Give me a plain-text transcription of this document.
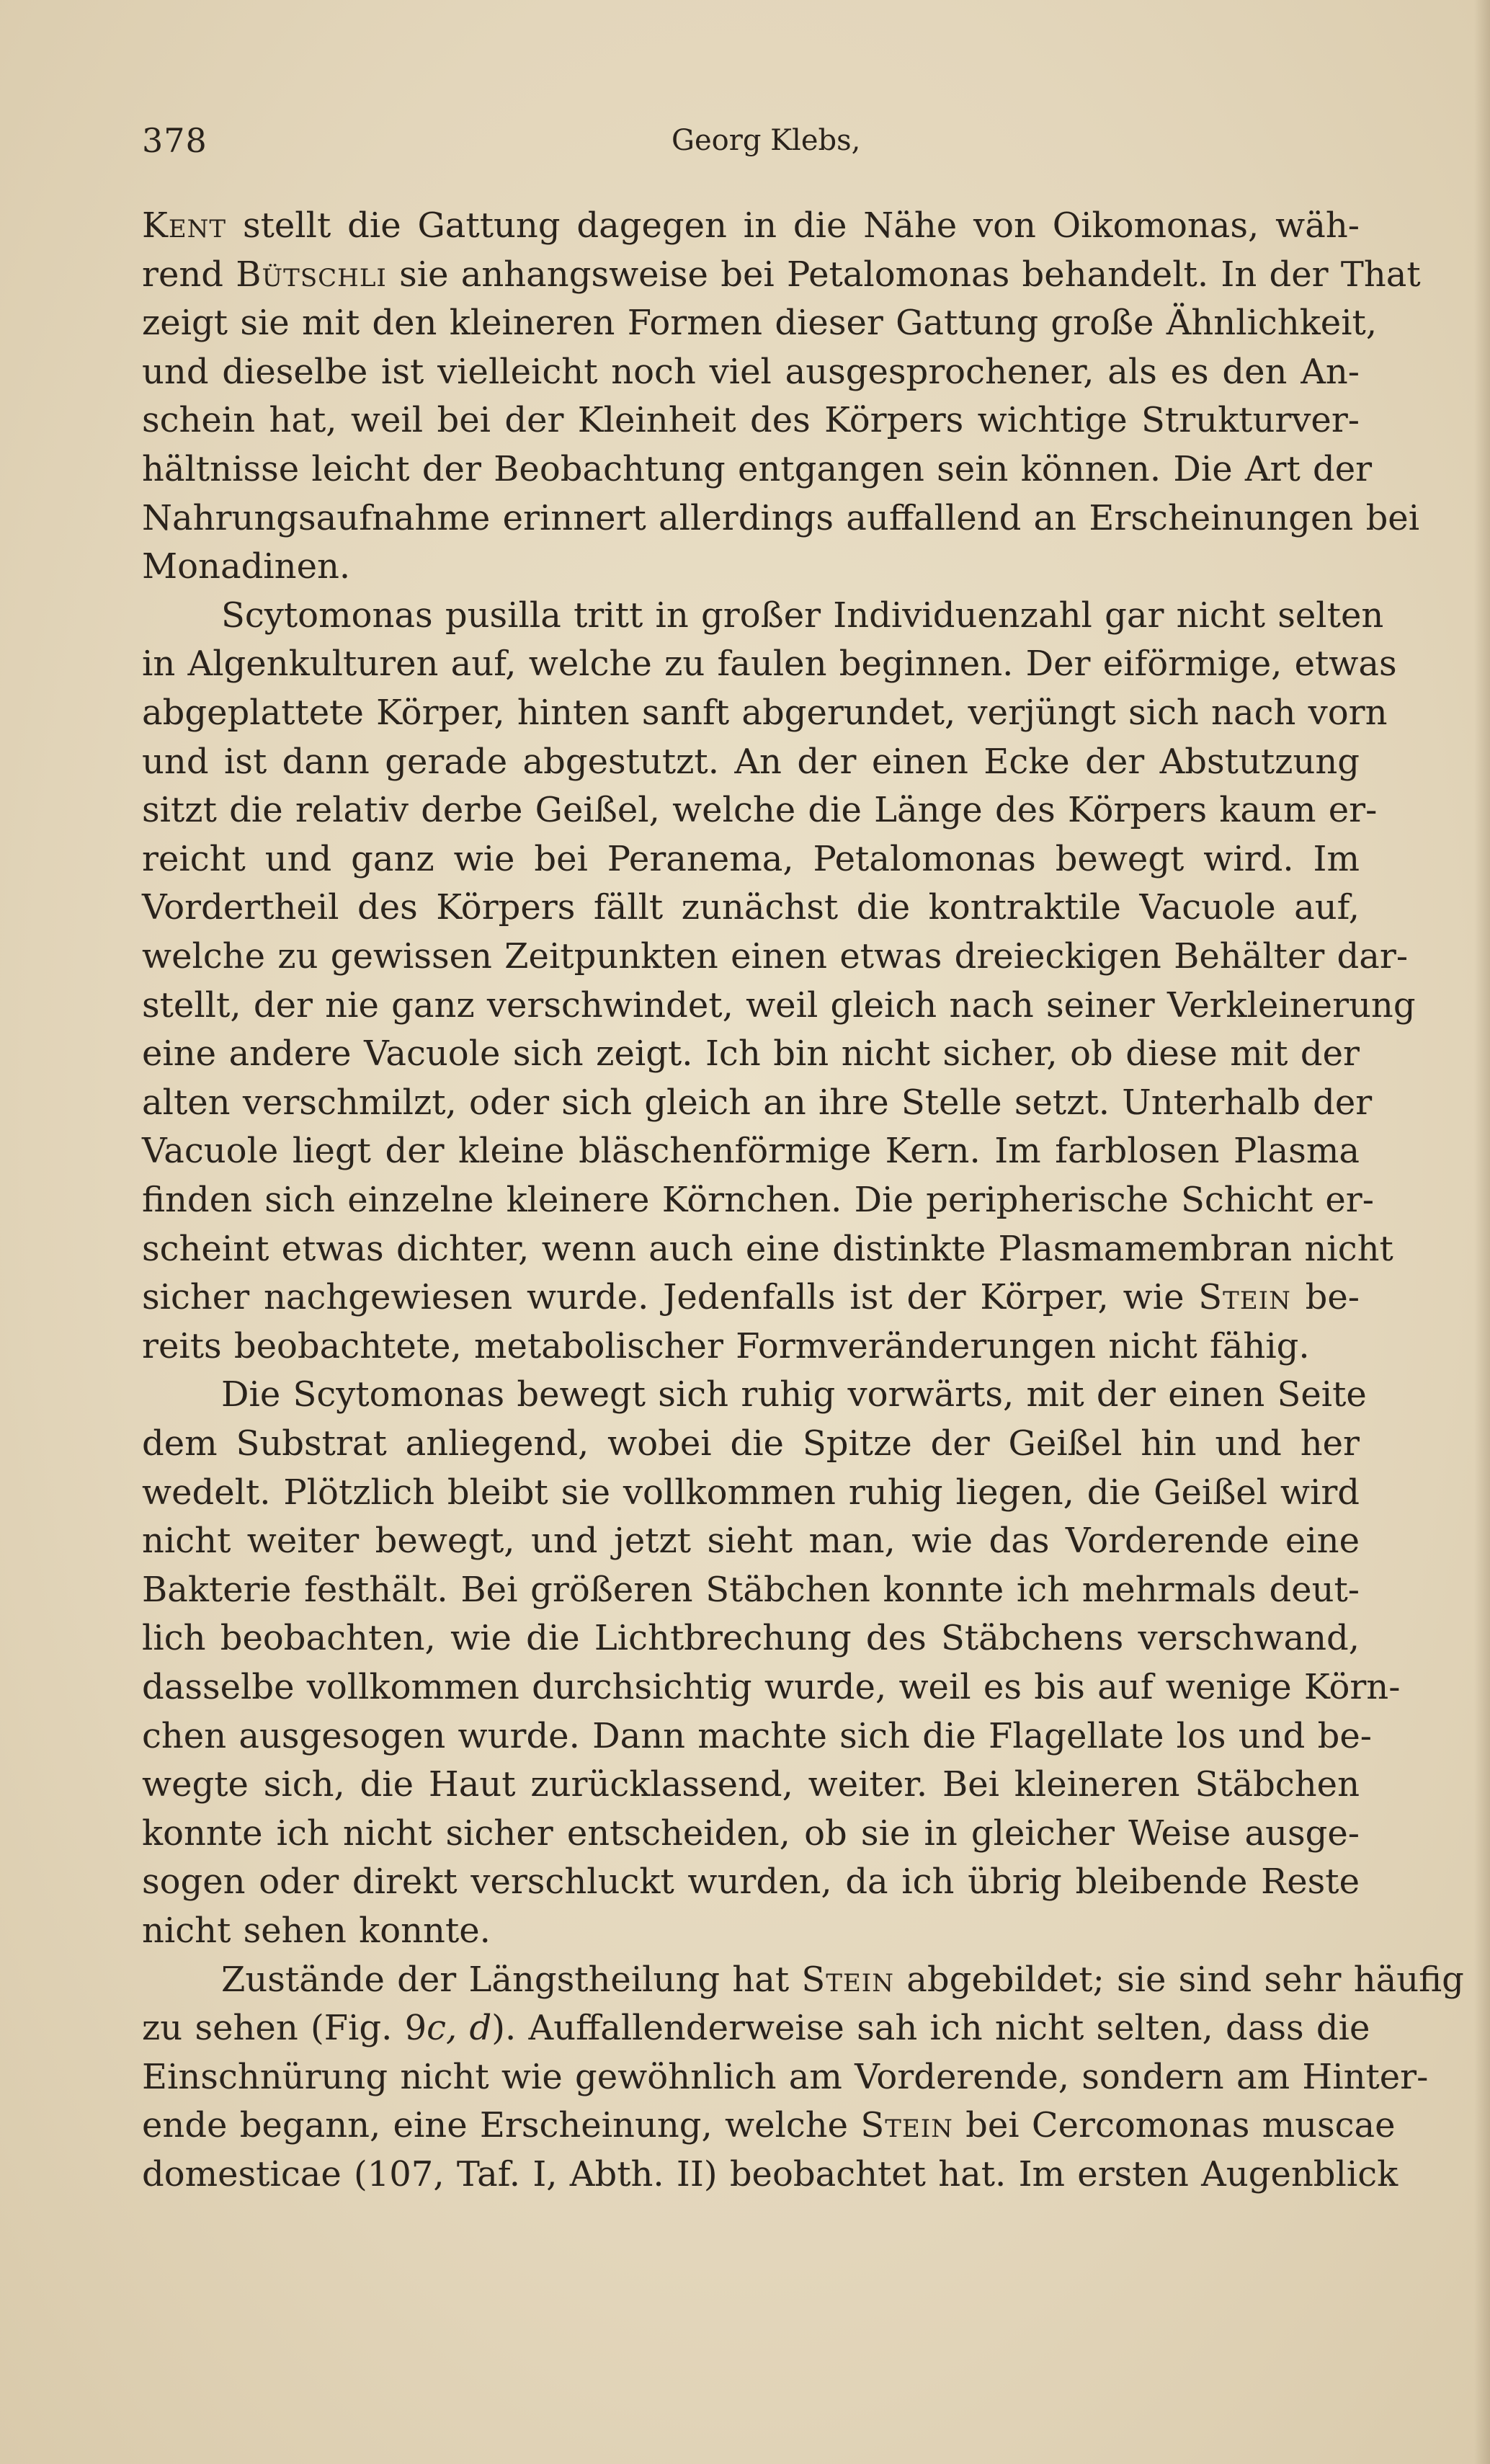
378	Georg Klebs,
Kent stellt die Gattung dagegen in die Nähe von Oikomonas, wäh-
rend Bütschli sie anhangsweise bei Petalomonas behandelt. In der That
zeigt sie mit den kleineren Formen dieser Gattung große Ähnlichkeit,
und dieselbe ist vielleicht noch viel ausgesprochener, als es den An-
schein hat, weil bei der Kleinheit des Körpers wichtige Strukturver-
hältnisse leicht der Beobachtung entgangen sein können. Die Art der
Nahrungsaufnahme erinnert allerdings auffallend an Erscheinungen bei
Monadinen.
Scytomonas pusilla tritt in großer Individuenzahl gar nicht selten
in Algenkulturen auf, welche zu faulen beginnen. Der eiförmige, etwas
abgeplattete Körper, hinten sanft abgerundet, verjüngt sich nach vorn
und ist dann gerade abgestutzt. An der einen Ecke der Abstutzung
sitzt die relativ derbe Geißel, welche die Länge des Körpers kaum er-
reicht und ganz wie bei Peranema, Petalomonas bewegt wird. Im
Vordertheil des Körpers fällt zunächst die kontraktile Vacuole auf,
welche zu gewissen Zeitpunkten einen etwas dreieckigen Behälter dar-
stellt, der nie ganz verschwindet, weil gleich nach seiner Verkleinerung
eine andere Vacuole sich zeigt. Ich bin nicht sicher, ob diese mit der
alten verschmilzt, oder sich gleich an ihre Stelle setzt. Unterhalb der
Vacuole liegt der kleine bläschenförmige Kern. Im farblosen Plasma
finden sich einzelne kleinere Körnchen. Die peripherische Schicht er-
scheint etwas dichter, wenn auch eine distinkte Plasmamembran nicht
sicher nachgewiesen wurde. Jedenfalls ist der Körper, wie Stein be-
reits beobachtete, metabolischer Formveränderungen nicht fähig.
Die Scytomonas bewegt sich ruhig vorwärts, mit der einen Seite
dem Substrat anliegend, wobei die Spitze der Geißel hin und her
wedelt. Plötzlich bleibt sie vollkommen ruhig liegen, die Geißel wird
nicht weiter bewegt, und jetzt sieht man, wie das Vorderende eine
Bakterie festhält. Bei größeren Stäbchen konnte ich mehrmals deut-
lich beobachten, wie die Lichtbrechung des Stäbchens verschwand,
dasselbe vollkommen durchsichtig wurde, weil es bis auf wenige Körn-
chen ausgesogen wurde. Dann machte sich die Flagellate los und be-
wegte sich, die Haut zurücklassend, weiter. Bei kleineren Stäbchen
konnte ich nicht sicher entscheiden, ob sie in gleicher Weise ausge-
sogen oder direkt verschluckt wurden, da ich übrig bleibende Reste
nicht sehen konnte.
Zustände der Längstheilung hat Stein abgebildet; sie sind sehr häufig
zu sehen (Fig. 9c, d). Auffallenderweise sah ich nicht selten, dass die
Einschnürung nicht wie gewöhnlich am Vorderende, sondern am Hinter-
ende begann, eine Erscheinung, welche Stein bei Cercomonas muscae
domesticae (107, Taf. I, Abth. II) beobachtet hat. Im ersten Augenblick
